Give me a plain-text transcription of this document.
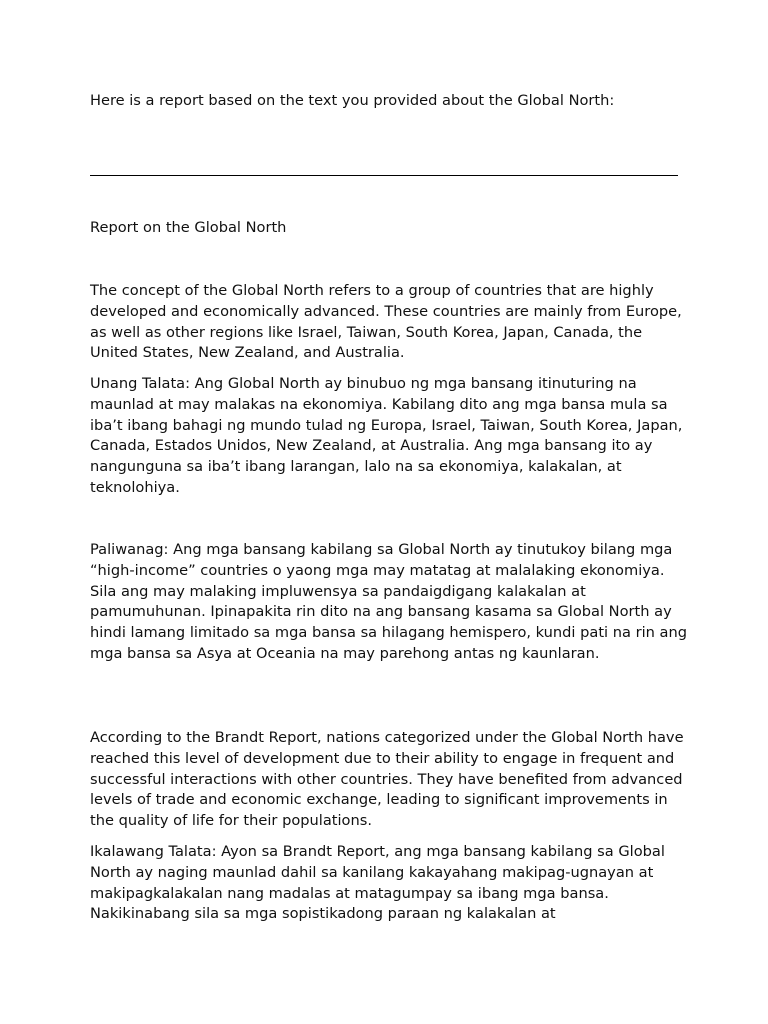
Here is a report based on the text you provided about the Global North:

Report on the Global North

The concept of the Global North refers to a group of countries that are highly developed and economically advanced. These countries are mainly from Europe, as well as other regions like Israel, Taiwan, South Korea, Japan, Canada, the United States, New Zealand, and Australia.

Unang Talata: Ang Global North ay binubuo ng mga bansang itinuturing na maunlad at may malakas na ekonomiya. Kabilang dito ang mga bansa mula sa iba’t ibang bahagi ng mundo tulad ng Europa, Israel, Taiwan, South Korea, Japan, Canada, Estados Unidos, New Zealand, at Australia. Ang mga bansang ito ay nangunguna sa iba’t ibang larangan, lalo na sa ekonomiya, kalakalan, at teknolohiya.

Paliwanag: Ang mga bansang kabilang sa Global North ay tinutukoy bilang mga “high-income” countries o yaong mga may matatag at malalaking ekonomiya. Sila ang may malaking impluwensya sa pandaigdigang kalakalan at pamumuhunan. Ipinapakita rin dito na ang bansang kasama sa Global North ay hindi lamang limitado sa mga bansa sa hilagang hemispero, kundi pati na rin ang mga bansa sa Asya at Oceania na may parehong antas ng kaunlaran.

According to the Brandt Report, nations categorized under the Global North have reached this level of development due to their ability to engage in frequent and successful interactions with other countries. They have benefited from advanced levels of trade and economic exchange, leading to significant improvements in the quality of life for their populations.

Ikalawang Talata: Ayon sa Brandt Report, ang mga bansang kabilang sa Global North ay naging maunlad dahil sa kanilang kakayahang makipag-ugnayan at makipagkalakalan nang madalas at matagumpay sa ibang mga bansa. Nakikinabang sila sa mga sopistikadong paraan ng kalakalan at
